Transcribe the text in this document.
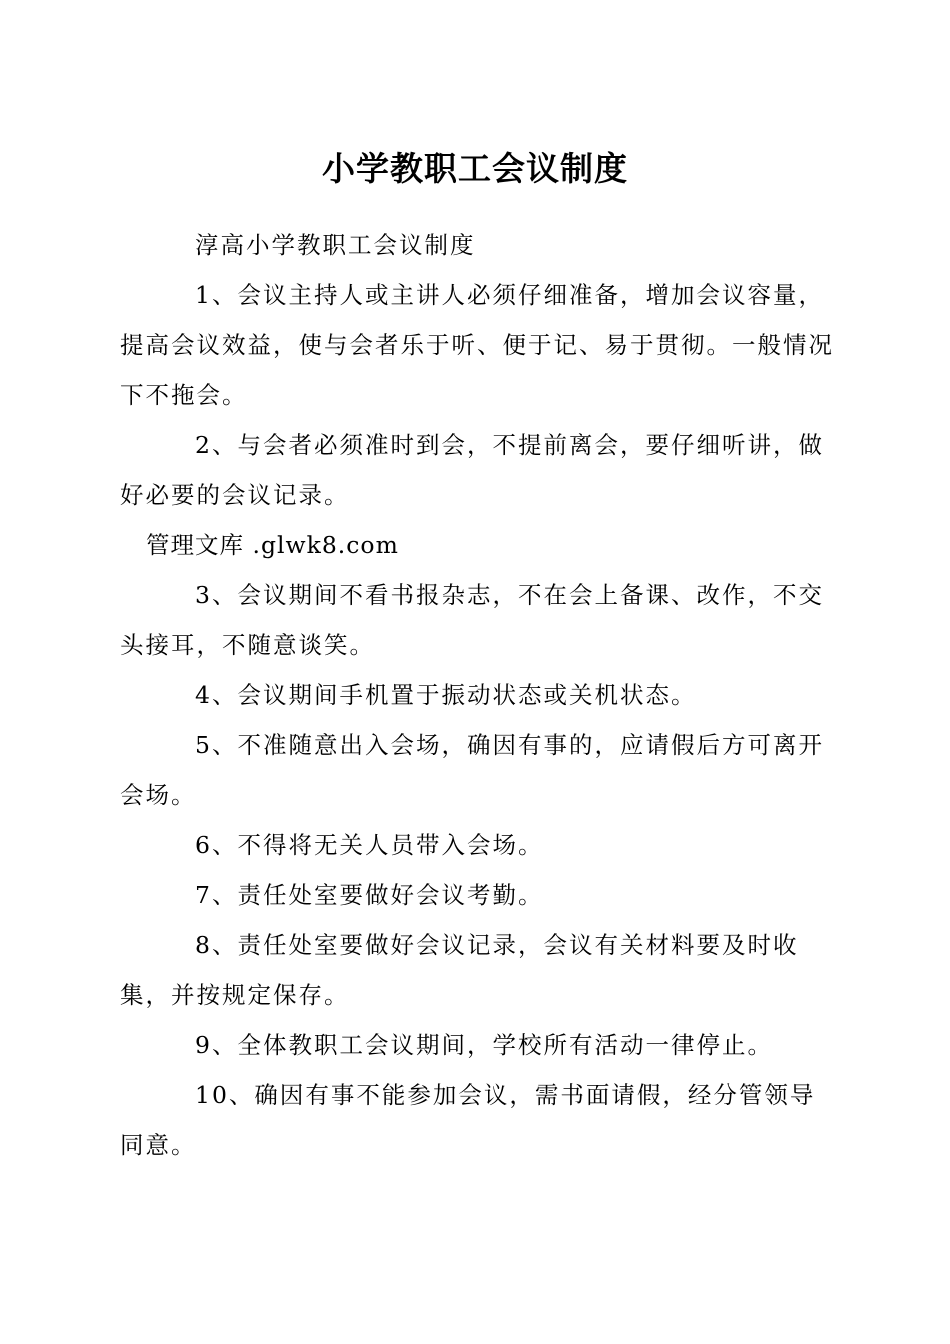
小学教职工会议制度

淳高小学教职工会议制度

1、会议主持人或主讲人必须仔细准备，增加会议容量，提高会议效益，使与会者乐于听、便于记、易于贯彻。一般情况下不拖会。

2、与会者必须准时到会，不提前离会，要仔细听讲，做好必要的会议记录。

管理文库 .glwk8.com

3、会议期间不看书报杂志，不在会上备课、改作，不交头接耳，不随意谈笑。

4、会议期间手机置于振动状态或关机状态。

5、不准随意出入会场，确因有事的，应请假后方可离开会场。

6、不得将无关人员带入会场。

7、责任处室要做好会议考勤。

8、责任处室要做好会议记录，会议有关材料要及时收集，并按规定保存。

9、全体教职工会议期间，学校所有活动一律停止。

10、确因有事不能参加会议，需书面请假，经分管领导同意。
